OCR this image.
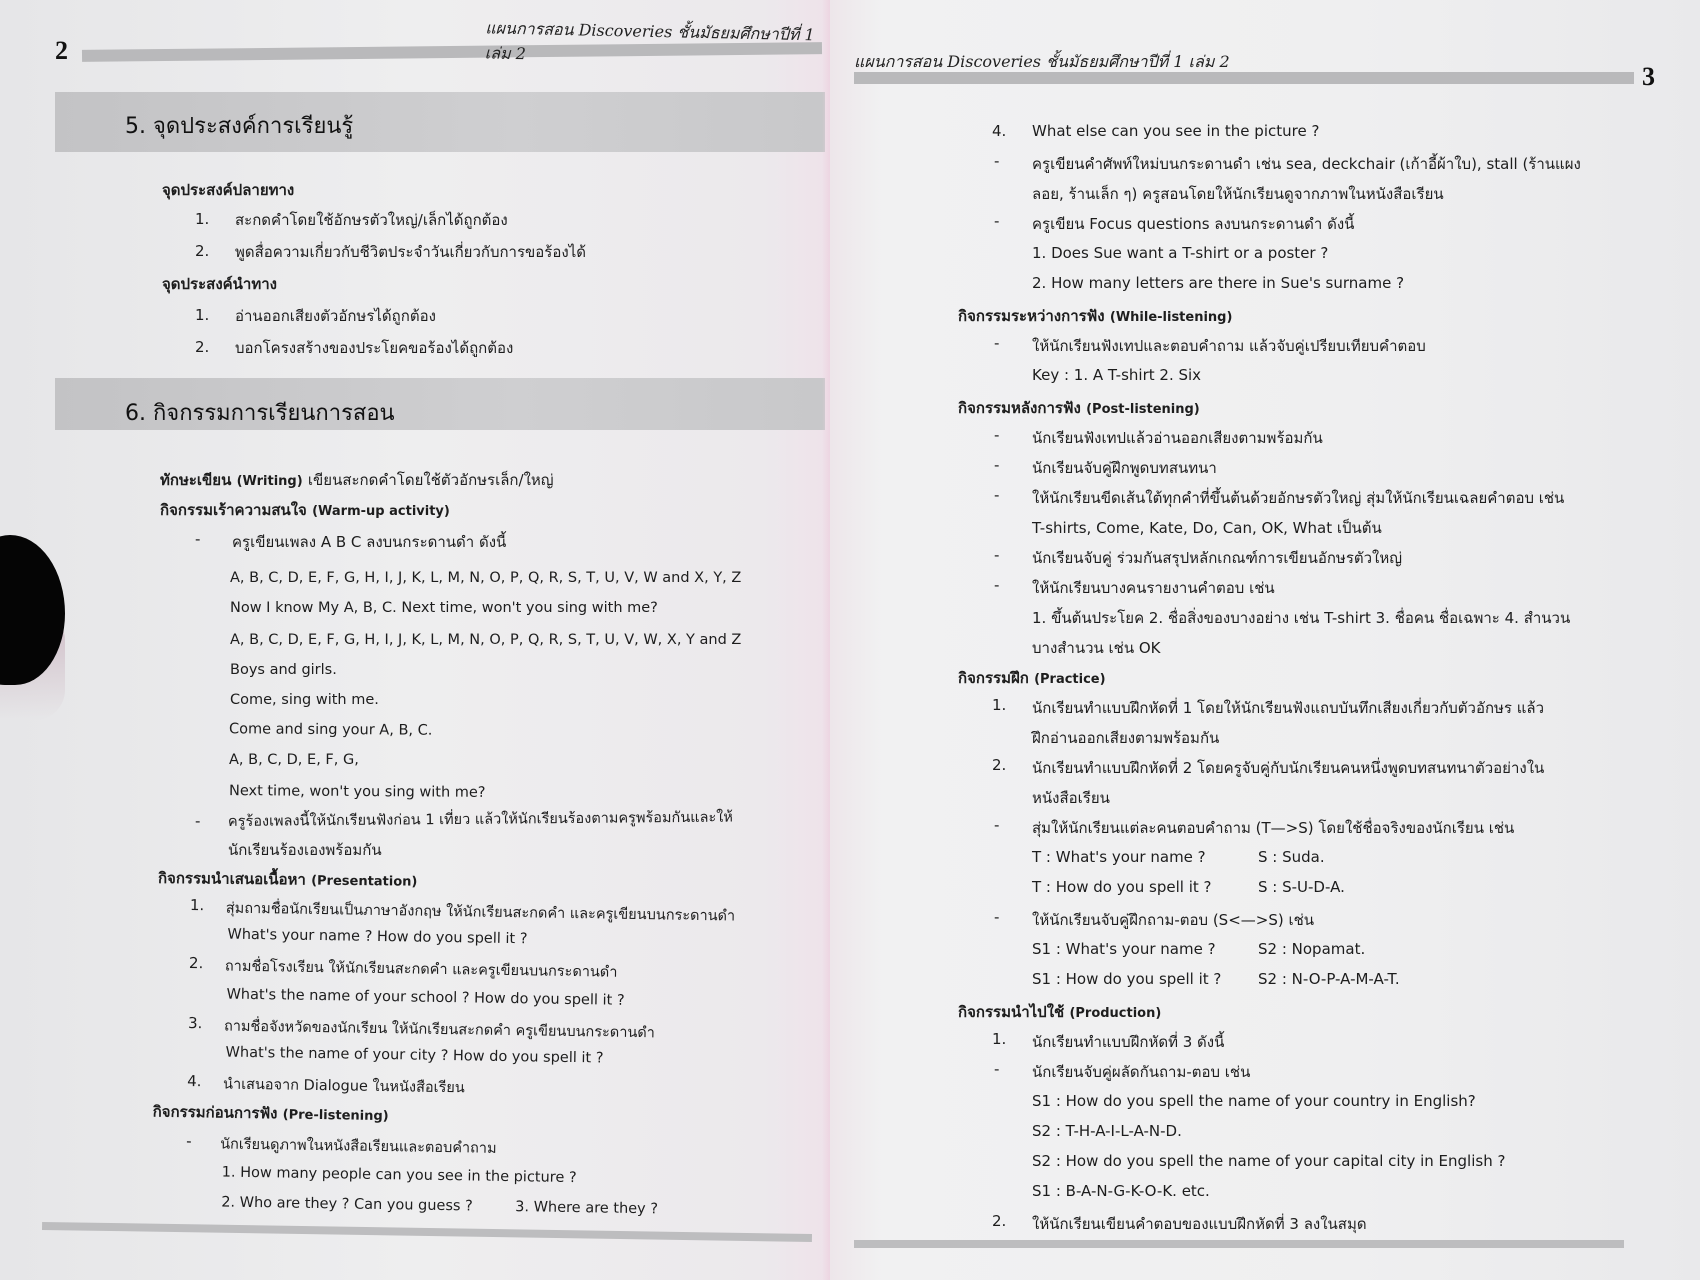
2
แผนการสอน Discoveries ชั้นมัธยมศึกษาปีที่ 1 เล่ม 2
5. จุดประสงค์การเรียนรู้
จุดประสงค์ปลายทาง
1. สะกดคำโดยใช้อักษรตัวใหญ่/เล็กได้ถูกต้อง
2. พูดสื่อความเกี่ยวกับชีวิตประจำวันเกี่ยวกับการขอร้องได้
จุดประสงค์นำทาง
1. อ่านออกเสียงตัวอักษรได้ถูกต้อง
2. บอกโครงสร้างของประโยคขอร้องได้ถูกต้อง
6. กิจกรรมการเรียนการสอน
ทักษะเขียน (Writing) เขียนสะกดคำโดยใช้ตัวอักษรเล็ก/ใหญ่
กิจกรรมเร้าความสนใจ (Warm-up activity)
- ครูเขียนเพลง A B C ลงบนกระดานดำ ดังนี้
A, B, C, D, E, F, G, H, I, J, K, L, M, N, O, P, Q, R, S, T, U, V, W and X, Y, Z
Now I know My A, B, C. Next time, won't you sing with me?
A, B, C, D, E, F, G, H, I, J, K, L, M, N, O, P, Q, R, S, T, U, V, W, X, Y and Z
Boys and girls.
Come, sing with me.
Come and sing your A, B, C.
A, B, C, D, E, F, G,
Next time, won't you sing with me?
- ครูร้องเพลงนี้ให้นักเรียนฟังก่อน 1 เที่ยว แล้วให้นักเรียนร้องตามครูพร้อมกันและให้
นักเรียนร้องเองพร้อมกัน
กิจกรรมนำเสนอเนื้อหา (Presentation)
1. สุ่มถามชื่อนักเรียนเป็นภาษาอังกฤษ ให้นักเรียนสะกดคำ และครูเขียนบนกระดานดำ
What's your name ? How do you spell it ?
2. ถามชื่อโรงเรียน ให้นักเรียนสะกดคำ และครูเขียนบนกระดานดำ
What's the name of your school ? How do you spell it ?
3. ถามชื่อจังหวัดของนักเรียน ให้นักเรียนสะกดคำ ครูเขียนบนกระดานดำ
What's the name of your city ? How do you spell it ?
4. นำเสนอจาก Dialogue ในหนังสือเรียน
กิจกรรมก่อนการฟัง (Pre-listening)
- นักเรียนดูภาพในหนังสือเรียนและตอบคำถาม
1. How many people can you see in the picture ?
2. Who are they ? Can you guess ?	3. Where are they ?
แผนการสอน Discoveries ชั้นมัธยมศึกษาปีที่ 1 เล่ม 2
3
4. What else can you see in the picture ?
- ครูเขียนคำศัพท์ใหม่บนกระดานดำ เช่น sea, deckchair (เก้าอี้ผ้าใบ), stall (ร้านแผง
ลอย, ร้านเล็ก ๆ) ครูสอนโดยให้นักเรียนดูจากภาพในหนังสือเรียน
- ครูเขียน Focus questions ลงบนกระดานดำ ดังนี้
1. Does Sue want a T-shirt or a poster ?
2. How many letters are there in Sue's surname ?
กิจกรรมระหว่างการฟัง (While-listening)
- ให้นักเรียนฟังเทปและตอบคำถาม แล้วจับคู่เปรียบเทียบคำตอบ
Key : 1. A T-shirt 2. Six
กิจกรรมหลังการฟัง (Post-listening)
- นักเรียนฟังเทปแล้วอ่านออกเสียงตามพร้อมกัน
- นักเรียนจับคู่ฝึกพูดบทสนทนา
- ให้นักเรียนขีดเส้นใต้ทุกคำที่ขึ้นต้นด้วยอักษรตัวใหญ่ สุ่มให้นักเรียนเฉลยคำตอบ เช่น
T-shirts, Come, Kate, Do, Can, OK, What เป็นต้น
- นักเรียนจับคู่ ร่วมกันสรุปหลักเกณฑ์การเขียนอักษรตัวใหญ่
- ให้นักเรียนบางคนรายงานคำตอบ เช่น
1. ขึ้นต้นประโยค 2. ชื่อสิ่งของบางอย่าง เช่น T-shirt 3. ชื่อคน ชื่อเฉพาะ 4. สำนวน
บางสำนวน เช่น OK
กิจกรรมฝึก (Practice)
1. นักเรียนทำแบบฝึกหัดที่ 1 โดยให้นักเรียนฟังแถบบันทึกเสียงเกี่ยวกับตัวอักษร แล้ว
ฝึกอ่านออกเสียงตามพร้อมกัน
2. นักเรียนทำแบบฝึกหัดที่ 2 โดยครูจับคู่กับนักเรียนคนหนึ่งพูดบทสนทนาตัวอย่างใน
หนังสือเรียน
- สุ่มให้นักเรียนแต่ละคนตอบคำถาม (T—>S) โดยใช้ชื่อจริงของนักเรียน เช่น
T : What's your name ?	S : Suda.
T : How do you spell it ?	S : S-U-D-A.
- ให้นักเรียนจับคู่ฝึกถาม-ตอบ (S<—>S) เช่น
S1 : What's your name ?	S2 : Nopamat.
S1 : How do you spell it ? S2 : N-O-P-A-M-A-T.
กิจกรรมนำไปใช้ (Production)
1. นักเรียนทำแบบฝึกหัดที่ 3 ดังนี้
- นักเรียนจับคู่ผลัดกันถาม-ตอบ เช่น
S1 : How do you spell the name of your country in English?
S2 : T-H-A-I-L-A-N-D.
S2 : How do you spell the name of your capital city in English ?
S1 : B-A-N-G-K-O-K. etc.
2. ให้นักเรียนเขียนคำตอบของแบบฝึกหัดที่ 3 ลงในสมุด
